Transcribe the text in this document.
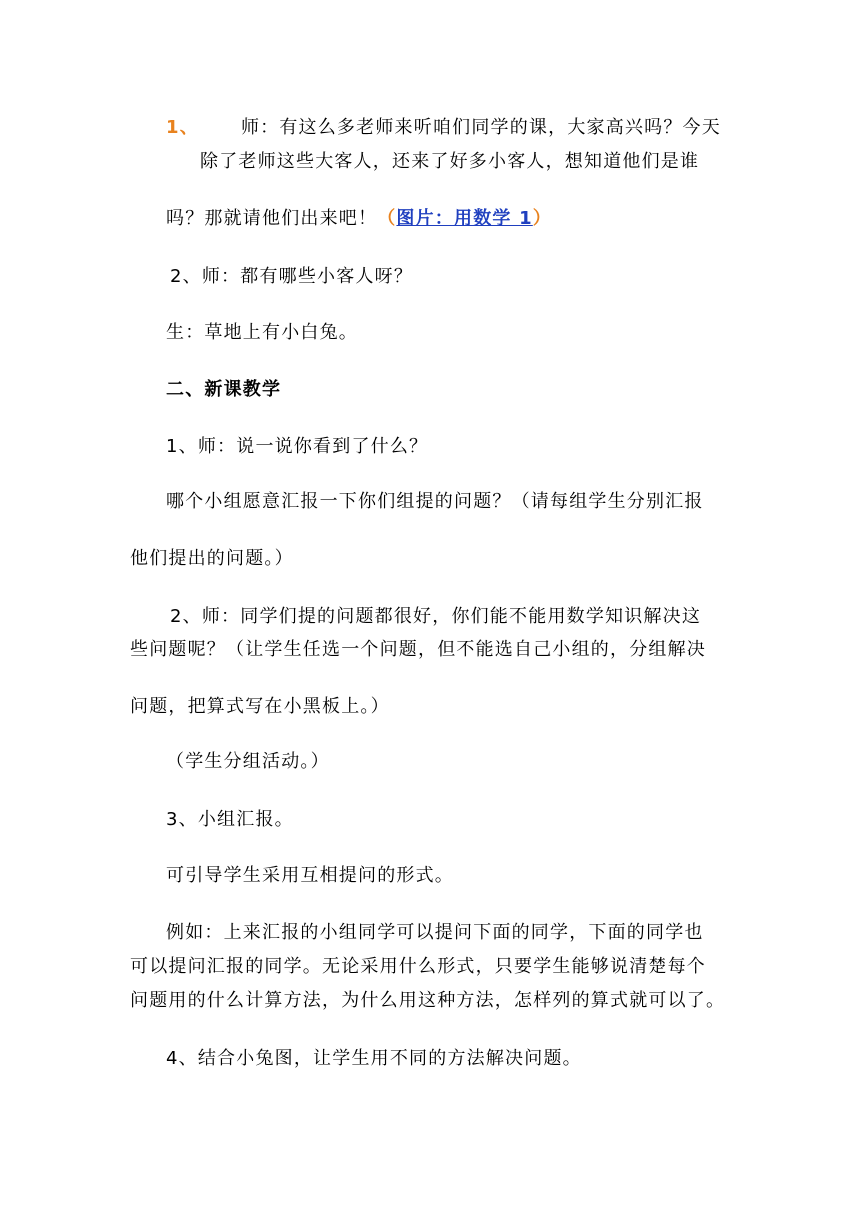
1、 师：有这么多老师来听咱们同学的课，大家高兴吗？今天
除了老师这些大客人，还来了好多小客人，想知道他们是谁
吗？那就请他们出来吧！（图片：用数学 1）
2、师：都有哪些小客人呀？
生：草地上有小白兔。
二、新课教学
1、师：说一说你看到了什么？
哪个小组愿意汇报一下你们组提的问题？（请每组学生分别汇报
他们提出的问题。）
2、师：同学们提的问题都很好，你们能不能用数学知识解决这
些问题呢？（让学生任选一个问题，但不能选自己小组的，分组解决
问题，把算式写在小黑板上。）
（学生分组活动。）
3、小组汇报。
可引导学生采用互相提问的形式。
例如：上来汇报的小组同学可以提问下面的同学，下面的同学也
可以提问汇报的同学。无论采用什么形式，只要学生能够说清楚每个
问题用的什么计算方法，为什么用这种方法，怎样列的算式就可以了。
4、结合小兔图，让学生用不同的方法解决问题。
